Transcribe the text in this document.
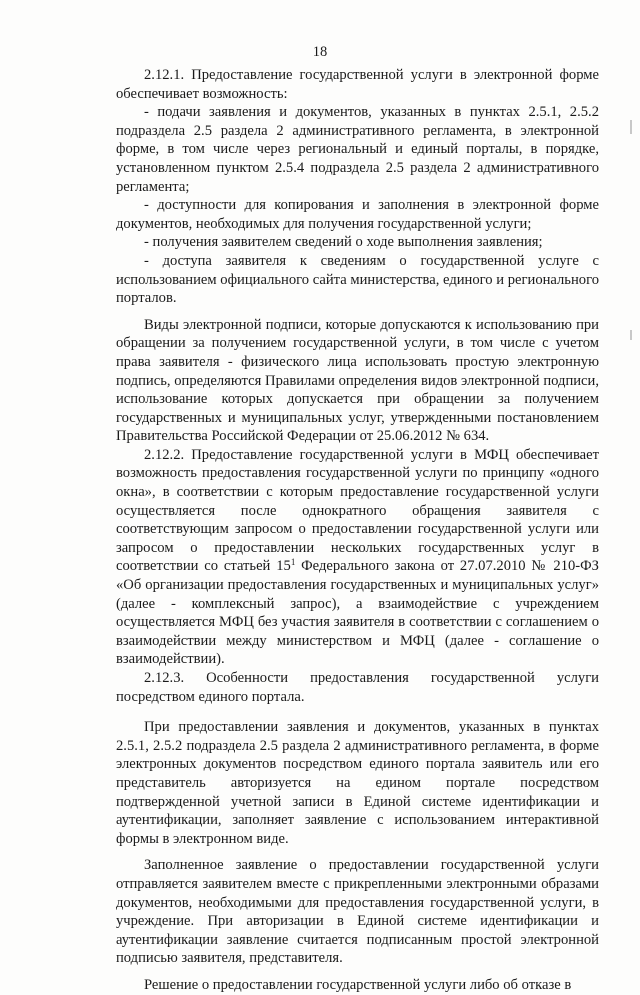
18

2.12.1. Предоставление государственной услуги в электронной форме обеспечивает возможность:

- подачи заявления и документов, указанных в пунктах 2.5.1, 2.5.2 подраздела 2.5 раздела 2 административного регламента, в электронной форме, в том числе через региональный и единый порталы, в порядке, установленном пунктом 2.5.4 подраздела 2.5 раздела 2 административного регламента;

- доступности для копирования и заполнения в электронной форме документов, необходимых для получения государственной услуги;

- получения заявителем сведений о ходе выполнения заявления;

- доступа заявителя к сведениям о государственной услуге с использованием официального сайта министерства, единого и регионального порталов.

Виды электронной подписи, которые допускаются к использованию при обращении за получением государственной услуги, в том числе с учетом права заявителя - физического лица использовать простую электронную подпись, определяются Правилами определения видов электронной подписи, использование которых допускается при обращении за получением государственных и муниципальных услуг, утвержденными постановлением Правительства Российской Федерации от 25.06.2012 № 634.

2.12.2. Предоставление государственной услуги в МФЦ обеспечивает возможность предоставления государственной услуги по принципу «одного окна», в соответствии с которым предоставление государственной услуги осуществляется после однократного обращения заявителя с соответствующим запросом о предоставлении государственной услуги или запросом о предоставлении нескольких государственных услуг в соответствии со статьей $15^1$ Федерального закона от 27.07.2010 № 210-ФЗ «Об организации предоставления государственных и муниципальных услуг» (далее - комплексный запрос), а взаимодействие с учреждением осуществляется МФЦ без участия заявителя в соответствии с соглашением о взаимодействии между министерством и МФЦ (далее - соглашение о взаимодействии).

2.12.3. Особенности предоставления государственной услуги посредством единого портала.

При предоставлении заявления и документов, указанных в пунктах 2.5.1, 2.5.2 подраздела 2.5 раздела 2 административного регламента, в форме электронных документов посредством единого портала заявитель или его представитель авторизуется на едином портале посредством подтвержденной учетной записи в Единой системе идентификации и аутентификации, заполняет заявление с использованием интерактивной формы в электронном виде.

Заполненное заявление о предоставлении государственной услуги отправляется заявителем вместе с прикрепленными электронными образами документов, необходимыми для предоставления государственной услуги, в учреждение. При авторизации в Единой системе идентификации и аутентификации заявление считается подписанным простой электронной подписью заявителя, представителя.

Решение о предоставлении государственной услуги либо об отказе в
